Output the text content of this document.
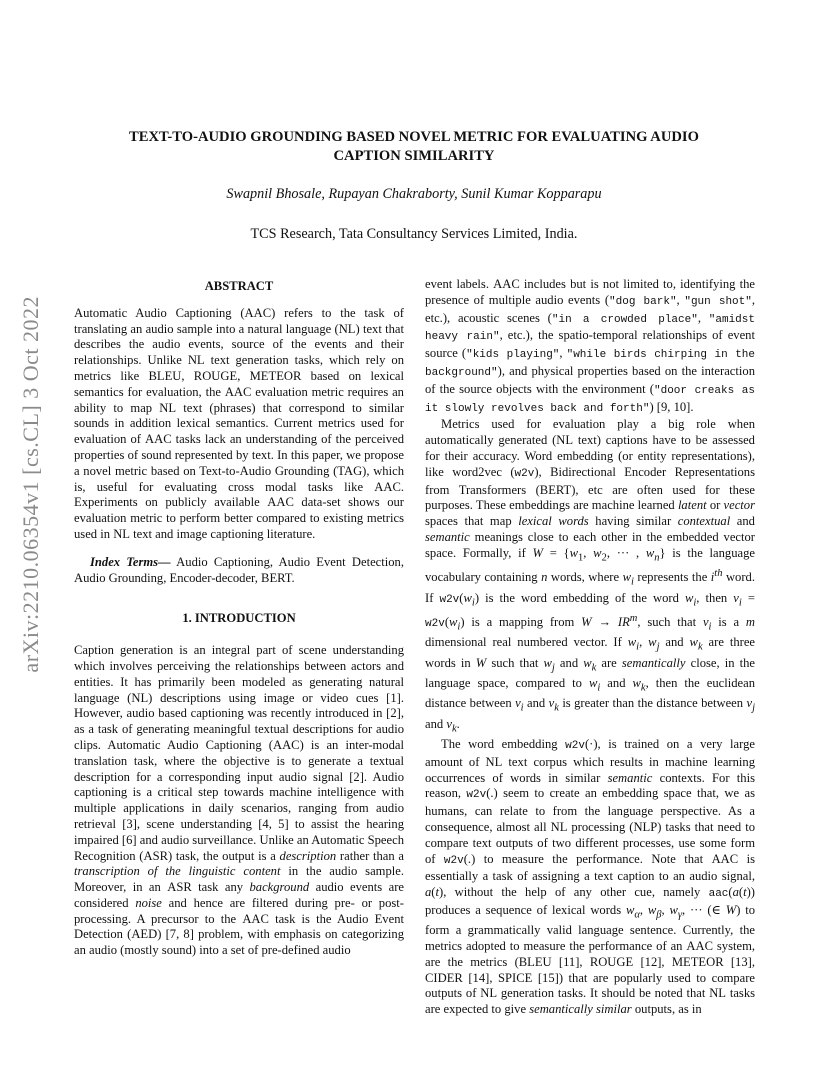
arXiv:2210.06354v1 [cs.CL] 3 Oct 2022
TEXT-TO-AUDIO GROUNDING BASED NOVEL METRIC FOR EVALUATING AUDIO
CAPTION SIMILARITY
Swapnil Bhosale, Rupayan Chakraborty, Sunil Kumar Kopparapu
TCS Research, Tata Consultancy Services Limited, India.
ABSTRACT

Automatic Audio Captioning (AAC) refers to the task of translating an audio sample into a natural language (NL) text that describes the audio events, source of the events and their relationships. Unlike NL text generation tasks, which rely on metrics like BLEU, ROUGE, METEOR based on lexical semantics for evaluation, the AAC evaluation metric requires an ability to map NL text (phrases) that correspond to similar sounds in addition lexical semantics. Current metrics used for evaluation of AAC tasks lack an understanding of the perceived properties of sound represented by text. In this paper, we propose a novel metric based on Text-to-Audio Grounding (TAG), which is, useful for evaluating cross modal tasks like AAC. Experiments on publicly available AAC data-set shows our evaluation metric to perform better compared to existing metrics used in NL text and image captioning literature.

Index Terms— Audio Captioning, Audio Event Detection, Audio Grounding, Encoder-decoder, BERT.

1. INTRODUCTION

Caption generation is an integral part of scene understanding which involves perceiving the relationships between actors and entities. It has primarily been modeled as generating natural language (NL) descriptions using image or video cues [1]. However, audio based captioning was recently introduced in [2], as a task of generating meaningful textual descriptions for audio clips. Automatic Audio Captioning (AAC) is an inter-modal translation task, where the objective is to generate a textual description for a corresponding input audio signal [2]. Audio captioning is a critical step towards machine intelligence with multiple applications in daily scenarios, ranging from audio retrieval [3], scene understanding [4, 5] to assist the hearing impaired [6] and audio surveillance. Unlike an Automatic Speech Recognition (ASR) task, the output is a description rather than a transcription of the linguistic content in the audio sample. Moreover, in an ASR task any background audio events are considered noise and hence are filtered during pre- or post-processing. A precursor to the AAC task is the Audio Event Detection (AED) [7, 8] problem, with emphasis on categorizing an audio (mostly sound) into a set of pre-defined audio

event labels. AAC includes but is not limited to, identifying the presence of multiple audio events ("dog bark", "gun shot", etc.), acoustic scenes ("in a crowded place", "amidst heavy rain", etc.), the spatio-temporal relationships of event source ("kids playing", "while birds chirping in the background"), and physical properties based on the interaction of the source objects with the environment ("door creaks as it slowly revolves back and forth") [9, 10].

Metrics used for evaluation play a big role when automatically generated (NL text) captions have to be assessed for their accuracy. Word embedding (or entity representations), like word2vec (w2v), Bidirectional Encoder Representations from Transformers (BERT), etc are often used for these purposes. These embeddings are machine learned latent or vector spaces that map lexical words having similar contextual and semantic meanings close to each other in the embedded vector space. Formally, if $W = \{w_1$, $w_2$, ··· , $w_n$} is the language vocabulary containing n words, where $w_i$ represents the $i^{th}$ word. If $w2v(w_i)$ is the word embedding of the word $w_i$, then $v_i = w2v(w_i)$ is a mapping from $W \to IR^m$, such that $v_i$ is a m dimensional real numbered vector. If $w_i$, $w_j$ and $w_k$ are three words in W such that $w_j$ and $w_k$ are semantically close, in the language space, compared to $w_i$ and $w_k$, then the euclidean distance between $v_i$ and $v_k$ is greater than the distance between $v_j$ and $v_k$.

The word embedding w2v(·), is trained on a very large amount of NL text corpus which results in machine learning occurrences of words in similar semantic contexts. For this reason, w2v(.) seem to create an embedding space that, we as humans, can relate to from the language perspective. As a consequence, almost all NL processing (NLP) tasks that need to compare text outputs of two different processes, use some form of w2v(.) to measure the performance. Note that AAC is essentially a task of assigning a text caption to an audio signal, a(t), without the help of any other cue, namely aac(a(t)) produces a sequence of lexical words $w_\alpha$, $w_\beta$, $w_\gamma$, ··· (∈ W) to form a grammatically valid language sentence. Currently, the metrics adopted to measure the performance of an AAC system, are the metrics (BLEU [11], ROUGE [12], METEOR [13], CIDER [14], SPICE [15]) that are popularly used to compare outputs of NL generation tasks. It should be noted that NL tasks are expected to give semantically similar outputs, as in
